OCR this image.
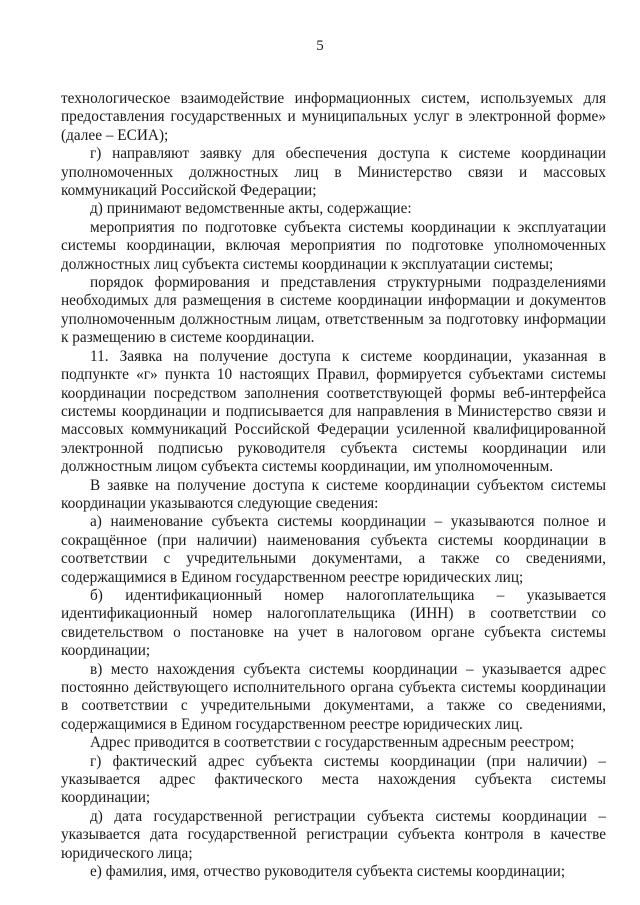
5

технологическое взаимодействие информационных систем, используемых для предоставления государственных и муниципальных услуг в электронной форме» (далее – ЕСИА);

г) направляют заявку для обеспечения доступа к системе координации уполномоченных должностных лиц в Министерство связи и массовых коммуникаций Российской Федерации;

д) принимают ведомственные акты, содержащие:

мероприятия по подготовке субъекта системы координации к эксплуатации системы координации, включая мероприятия по подготовке уполномоченных должностных лиц субъекта системы координации к эксплуатации системы;

порядок формирования и представления структурными подразделениями необходимых для размещения в системе координации информации и документов уполномоченным должностным лицам, ответственным за подготовку информации к размещению в системе координации.

11. Заявка на получение доступа к системе координации, указанная в подпункте «г» пункта 10 настоящих Правил, формируется субъектами системы координации посредством заполнения соответствующей формы веб-интерфейса системы координации и подписывается для направления в Министерство связи и массовых коммуникаций Российской Федерации усиленной квалифицированной электронной подписью руководителя субъекта системы координации или должностным лицом субъекта системы координации, им уполномоченным.

В заявке на получение доступа к системе координации субъектом системы координации указываются следующие сведения:

а) наименование субъекта системы координации – указываются полное и сокращённое (при наличии) наименования субъекта системы координации в соответствии с учредительными документами, а также со сведениями, содержащимися в Едином государственном реестре юридических лиц;

б) идентификационный номер налогоплательщика – указывается идентификационный номер налогоплательщика (ИНН) в соответствии со свидетельством о постановке на учет в налоговом органе субъекта системы координации;

в) место нахождения субъекта системы координации – указывается адрес постоянно действующего исполнительного органа субъекта системы координации в соответствии с учредительными документами, а также со сведениями, содержащимися в Едином государственном реестре юридических лиц.

Адрес приводится в соответствии с государственным адресным реестром;

г) фактический адрес субъекта системы координации (при наличии) – указывается адрес фактического места нахождения субъекта системы координации;

д) дата государственной регистрации субъекта системы координации – указывается дата государственной регистрации субъекта контроля в качестве юридического лица;

е) фамилия, имя, отчество руководителя субъекта системы координации;
